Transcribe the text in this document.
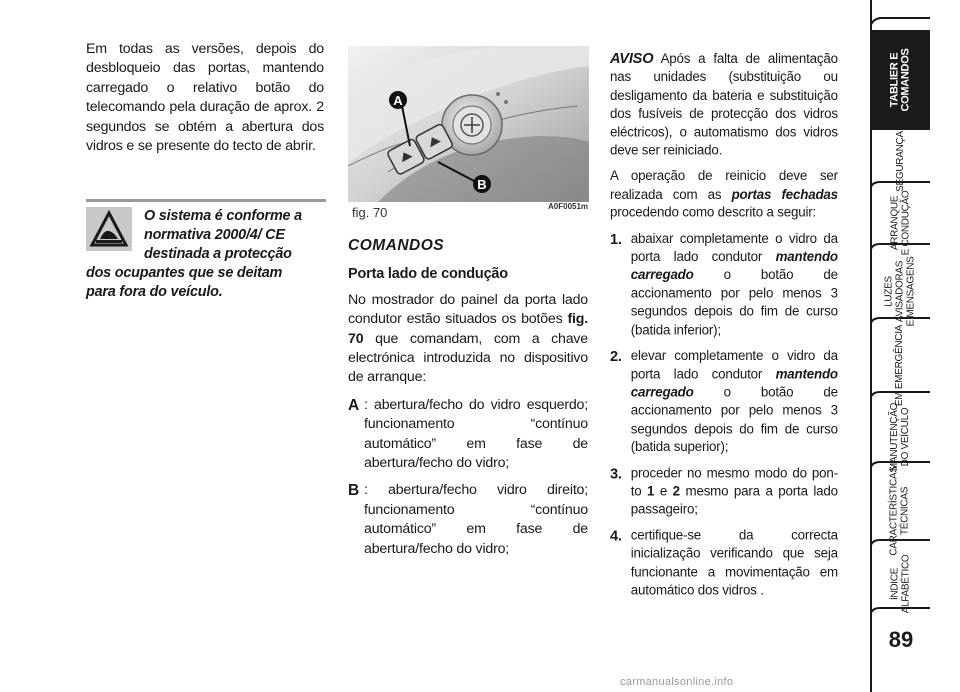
Em todas as versões, depois do desbloqueio das portas, mantendo carregado o relativo botão do telecomando pela duração de aprox. 2 segundos se obtém a abertura dos vidros e se presente do tecto de abrir.

O sistema é conforme a
normativa 2000/4/ CE
destinada a protecção
dos ocupantes que se deitam
para fora do veículo.
A
B
fig. 70	A0F0051m
COMANDOS
Porta lado de condução

No mostrador do painel da porta lado condutor estão situados os botões fig. 70 que comandam, com a chave electrónica introduzida no dispositivo de arranque:

A : abertura/fecho do vidro esquerdo; funcionamento “contínuo automático” em fase de abertura/fecho do vidro;
B : abertura/fecho vidro direito; funcionamento “contínuo automático” em fase de abertura/fecho do vidro;

AVISO Após a falta de alimentação nas unidades (substituição ou desligamento da bateria e substituição dos fusíveis de protecção dos vidros eléctricos), o automatismo dos vidros deve ser reiniciado.

A operação de reinicio deve ser realizada com as portas fechadas procedendo como descrito a seguir:

1. abaixar completamente o vidro da porta lado condutor mantendo carregado o botão de accionamento por pelo menos 3 segundos depois do fim de curso (batida inferior);
2. elevar completamente o vidro da porta lado condutor mantendo carregado o botão de accionamento por pelo menos 3 segundos depois do fim de curso (batida superior);
3. proceder no mesmo modo do pon-to 1 e 2 mesmo para a porta lado passageiro;
4. certifique-se da correcta inicialização verificando que seja funcionante a movimentação em automático dos vidros .
TABLIER E
COMANDOS
SEGURANÇA
ARRANQUE
E CONDUÇÃO
LUZES
AVISADORAS
E MENSAGENS
EM EMERGÊNCIA
MANUTENÇÃO
DO VEÍCULO
CARACTERÍSTICAS
TÉCNICAS
ÍNDICE
ALFABÉTICO
89
carmanualsonline.info
